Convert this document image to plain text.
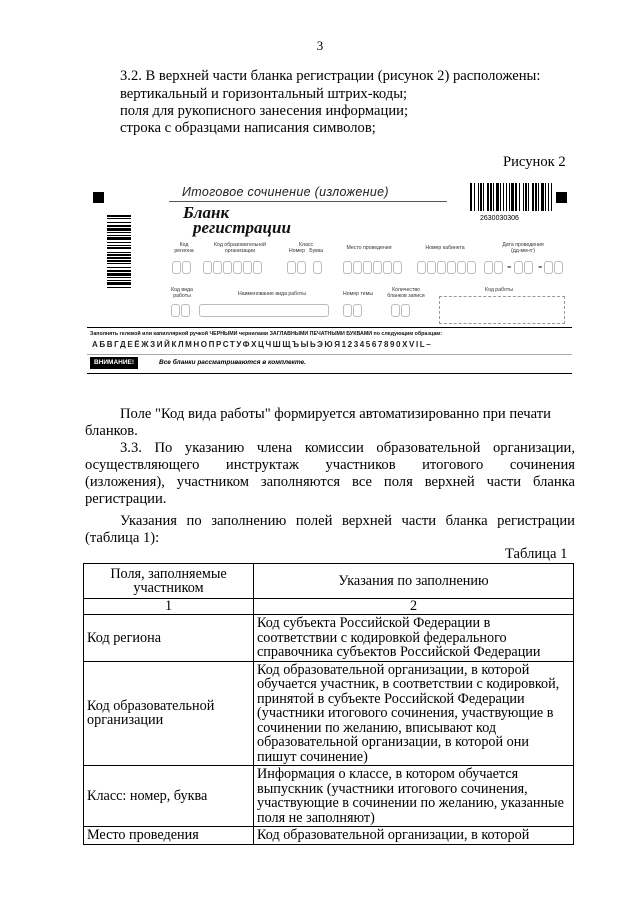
3
3.2. В верхней части бланка регистрации (рисунок 2) расположены:
вертикальный и горизонтальный штрих-коды;
поля для рукописного занесения информации;
строка с образцами написания символов;
Рисунок 2
Итоговое сочинение (изложение)
Бланк
регистрации	2630030306
Код
региона
Код образовательной
организации
Класс
Номер   Буква	Место проведения	Номер кабинета	Дата проведения
(дд-мм-гг)
- -
Код вида
работы	Наименование вида работы	Номер темы
Количество
бланков записи
Код работы
Заполнять гелевой или капиллярной ручкой ЧЕРНЫМИ чернилами ЗАГЛАВНЫМИ ПЕЧАТНЫМИ БУКВАМИ по следующим образцам:
АБВГДЕЁЖЗИЙКЛМНОПРСТУФХЦЧШЩЪЫЬЭЮЯ1234567890XVIL–
ВНИМАНИЕ!	Все бланки рассматриваются в комплекте.
Поле "Код вида работы" формируется автоматизированно при печати
бланков.
3.3. По указанию члена комиссии образовательной организации,
осуществляющего инструктаж участников итогового сочинения
(изложения), участником заполняются все поля верхней части бланка
регистрации.
Указания по заполнению полей верхней части бланка регистрации
(таблица 1):
Таблица 1
Поля, заполняемые участником	Указания по заполнению
1	2
Код региона	Код субъекта Российской Федерации в соответствии с кодировкой федерального справочника субъектов Российской Федерации
Код образовательной организации	Код образовательной организации, в которой обучается участник, в соответствии с кодировкой, принятой в субъекте Российской Федерации (участники итогового сочинения, участвующие в сочинении по желанию, вписывают код образовательной организации, в которой они пишут сочинение)
Класс: номер, буква	Информация о классе, в котором обучается выпускник (участники итогового сочинения, участвующие в сочинении по желанию, указанные поля не заполняют)
Место проведения	Код образовательной организации, в которой
